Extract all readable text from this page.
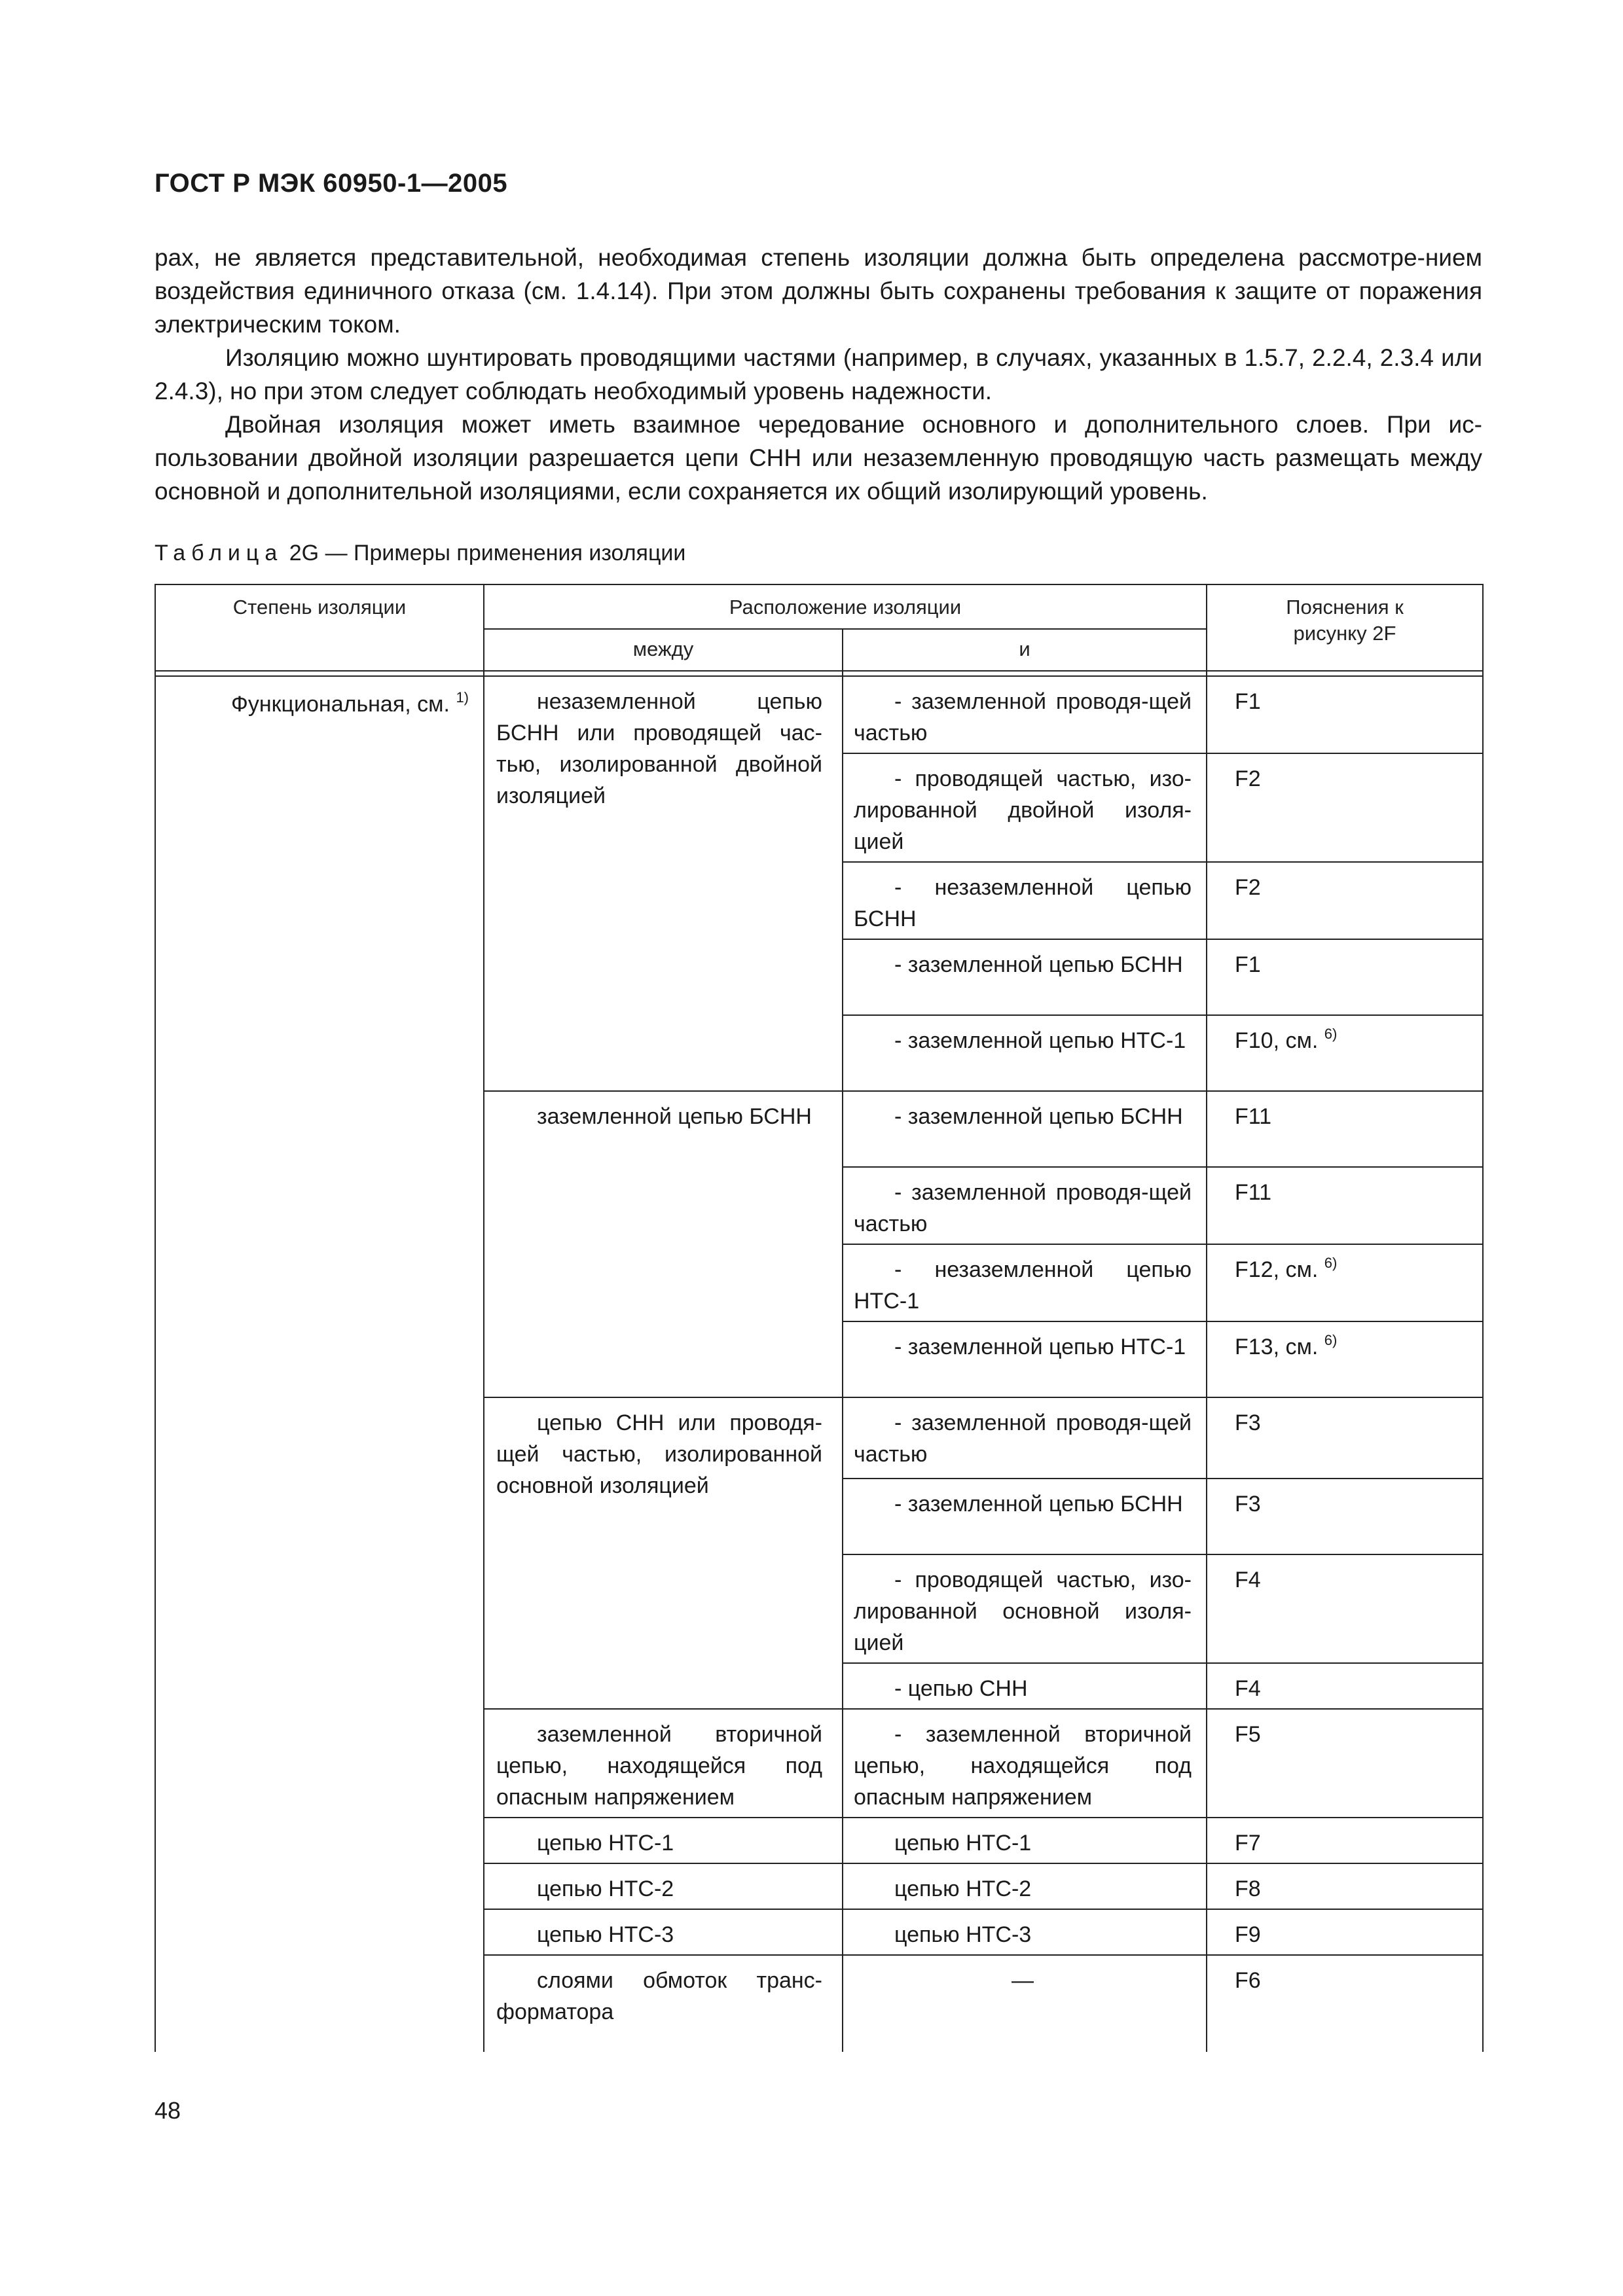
ГОСТ Р МЭК 60950-1—2005

рах, не является представительной, необходимая степень изоляции должна быть определена рассмотре-нием воздействия единичного отказа (см. 1.4.14). При этом должны быть сохранены требования к защите от поражения электрическим током.

Изоляцию можно шунтировать проводящими частями (например, в случаях, указанных в 1.5.7, 2.2.4, 2.3.4 или 2.4.3), но при этом следует соблюдать необходимый уровень надежности.

Двойная изоляция может иметь взаимное чередование основного и дополнительного слоев. При ис-пользовании двойной изоляции разрешается цепи СНН или незаземленную проводящую часть размещать между основной и дополнительной изоляциями, если сохраняется их общий изолирующий уровень.

Таблица 2G — Примеры применения изоляции
Степень изоляции	Расположение изоляции		Пояснения к рисунку 2F
	между	и	

Функциональная, см. $^{1)}$	незаземленной цепью БСНН или проводящей час-тью, изолированной двойной изоляцией	- заземленной проводя-щей частью	F1
		- проводящей частью, изо-лированной двойной изоля-цией	F2
		- незаземленной цепью БСНН	F2
		- заземленной цепью БСНН	F1
		- заземленной цепью НТС-1	F10, см. $^{6)}$
	заземленной цепью БСНН	- заземленной цепью БСНН	F11
		- заземленной проводя-щей частью	F11
		- незаземленной цепью НТС-1	F12, см. $^{6)}$
		- заземленной цепью НТС-1	F13, см. $^{6)}$
	цепью СНН или проводя-щей частью, изолированной основной изоляцией	- заземленной проводя-щей частью	F3
		- заземленной цепью БСНН	F3
		- проводящей частью, изо-лированной основной изоля-цией	F4
		- цепью СНН	F4
	заземленной вторичной цепью, находящейся под опасным напряжением	- заземленной вторичной цепью, находящейся под опасным напряжением	F5
	цепью НТС-1	цепью НТС-1	F7
	цепью НТС-2	цепью НТС-2	F8
	цепью НТС-3	цепью НТС-3	F9
	слоями обмоток транс-форматора	—	F6
48
